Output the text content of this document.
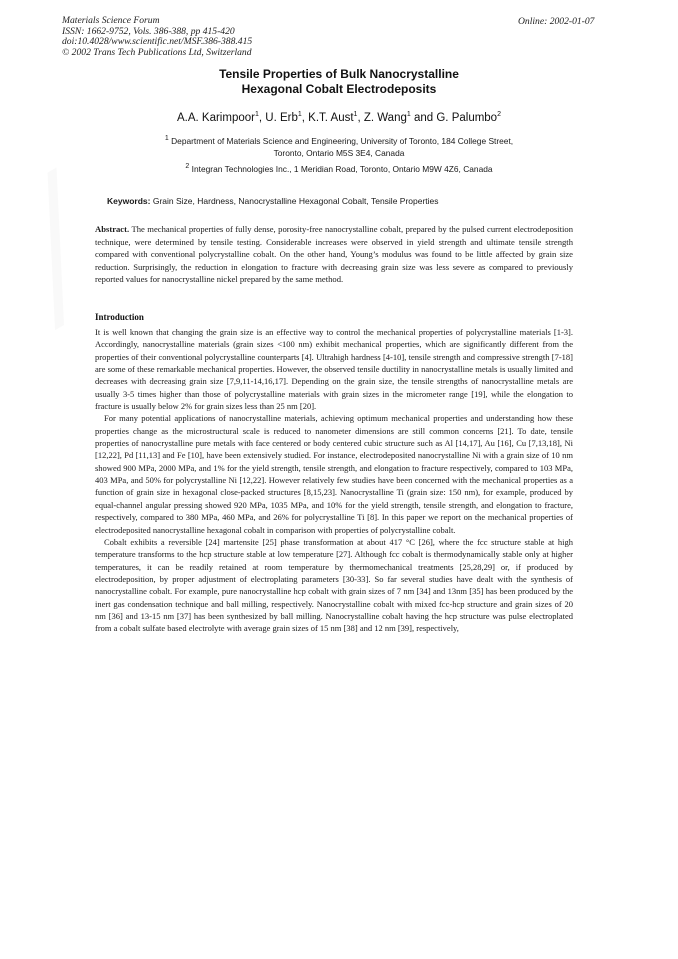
Materials Science Forum
ISSN: 1662-9752, Vols. 386-388, pp 415-420
doi:10.4028/www.scientific.net/MSF.386-388.415
© 2002 Trans Tech Publications Ltd, Switzerland
Online: 2002-01-07
Tensile Properties of Bulk Nanocrystalline
Hexagonal Cobalt Electrodeposits
A.A. Karimpoor$^1$, U. Erb$^1$, K.T. Aust$^1$, Z. Wang$^1$ and G. Palumbo$^2$
$^1$ Department of Materials Science and Engineering, University of Toronto, 184 College Street,
Toronto, Ontario M5S 3E4, Canada
$^2$ Integran Technologies Inc., 1 Meridian Road, Toronto, Ontario M9W 4Z6, Canada
Keywords: Grain Size, Hardness, Nanocrystalline Hexagonal Cobalt, Tensile Properties
Abstract. The mechanical properties of fully dense, porosity-free nanocrystalline cobalt, prepared by the pulsed current electrodeposition technique, were determined by tensile testing. Considerable increases were observed in yield strength and ultimate tensile strength compared with conventional polycrystalline cobalt. On the other hand, Young’s modulus was found to be little affected by grain size reduction. Surprisingly, the reduction in elongation to fracture with decreasing grain size was less severe as compared to previously reported values for nanocrystalline nickel prepared by the same method.
Introduction

It is well known that changing the grain size is an effective way to control the mechanical properties of polycrystalline materials [1-3]. Accordingly, nanocrystalline materials (grain sizes <100 nm) exhibit mechanical properties, which are significantly different from the properties of their conventional polycrystalline counterparts [4]. Ultrahigh hardness [4-10], tensile strength and compressive strength [7-18] are some of these remarkable mechanical properties. However, the observed tensile ductility in nanocrystalline metals is usually limited and decreases with decreasing grain size [7,9,11-14,16,17]. Depending on the grain size, the tensile strengths of nanocrystalline metals are usually 3-5 times higher than those of polycrystalline materials with grain sizes in the micrometer range [19], while the elongation to fracture is usually below 2% for grain sizes less than 25 nm [20].

For many potential applications of nanocrystalline materials, achieving optimum mechanical properties and understanding how these properties change as the microstructural scale is reduced to nanometer dimensions are still common concerns [21]. To date, tensile properties of nanocrystalline pure metals with face centered or body centered cubic structure such as Al [14,17], Au [16], Cu [7,13,18], Ni [12,22], Pd [11,13] and Fe [10], have been extensively studied. For instance, electrodeposited nanocrystalline Ni with a grain size of 10 nm showed 900 MPa, 2000 MPa, and 1% for the yield strength, tensile strength, and elongation to fracture respectively, compared to 103 MPa, 403 MPa, and 50% for polycrystalline Ni [12,22]. However relatively few studies have been concerned with the mechanical properties as a function of grain size in hexagonal close-packed structures [8,15,23]. Nanocrystalline Ti (grain size: 150 nm), for example, produced by equal-channel angular pressing showed 920 MPa, 1035 MPa, and 10% for the yield strength, tensile strength, and elongation to fracture, respectively, compared to 380 MPa, 460 MPa, and 26% for polycrystalline Ti [8]. In this paper we report on the mechanical properties of electrodeposited nanocrystalline hexagonal cobalt in comparison with properties of polycrystalline cobalt.

Cobalt exhibits a reversible [24] martensite [25] phase transformation at about 417 °C [26], where the fcc structure stable at high temperature transforms to the hcp structure stable at low temperature [27]. Although fcc cobalt is thermodynamically stable only at higher temperatures, it can be readily retained at room temperature by thermomechanical treatments [25,28,29] or, if produced by electrodeposition, by proper adjustment of electroplating parameters [30-33]. So far several studies have dealt with the synthesis of nanocrystalline cobalt. For example, pure nanocrystalline hcp cobalt with grain sizes of 7 nm [34] and 13nm [35] has been produced by the inert gas condensation technique and ball milling, respectively. Nanocrystalline cobalt with mixed fcc-hcp structure and grain sizes of 20 nm [36] and 13-15 nm [37] has been synthesized by ball milling. Nanocrystalline cobalt having the hcp structure was pulse electroplated from a cobalt sulfate based electrolyte with average grain sizes of 15 nm [38] and 12 nm [39], respectively,
